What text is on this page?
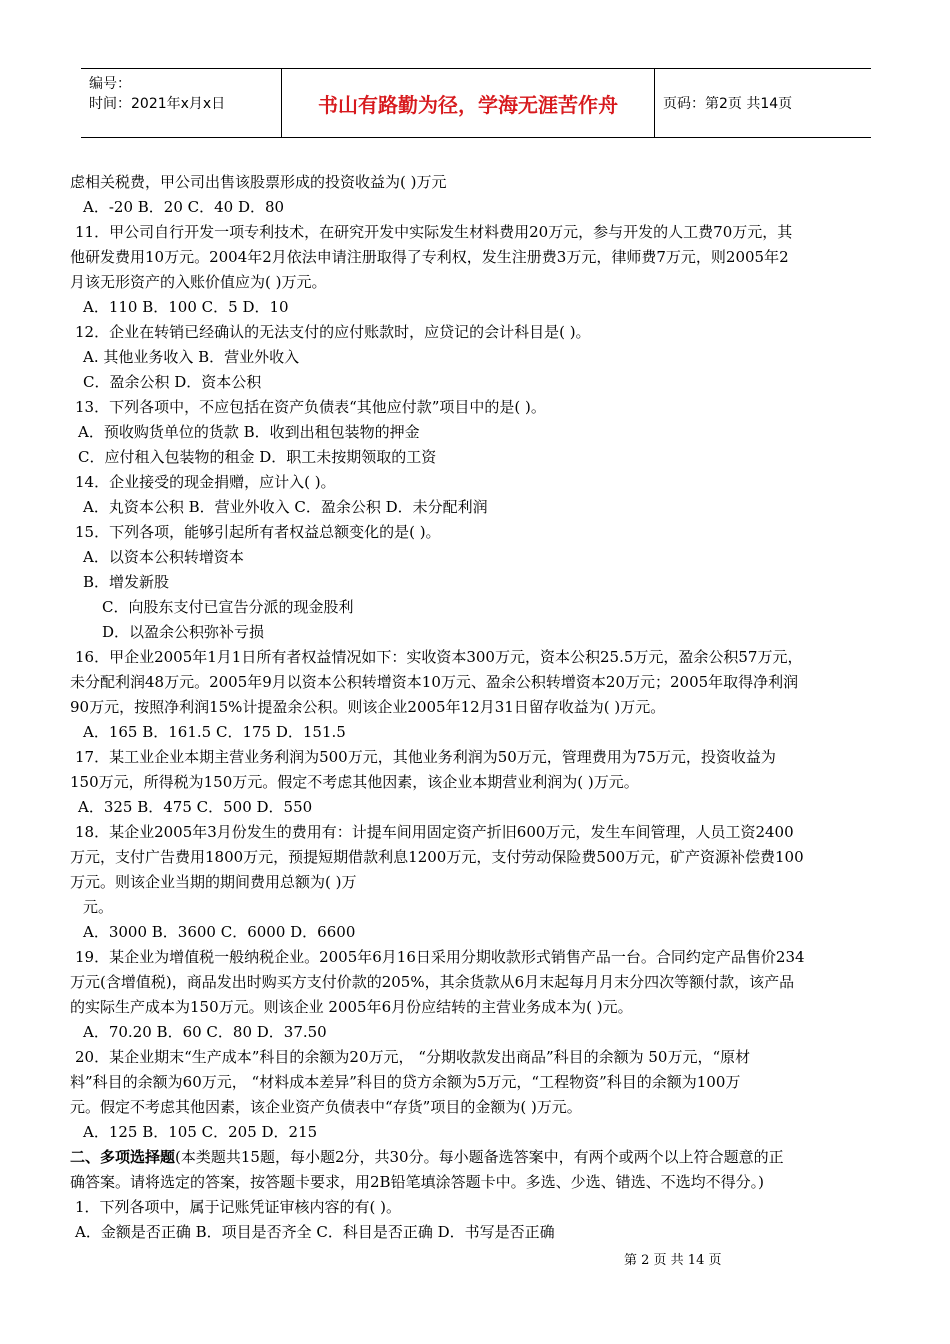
编号：
时间：2021年x月x日	书山有路勤为径，学海无涯苦作舟	页码：第2页 共14页
虑相关税费，甲公司出售该股票形成的投资收益为( )万元
A．-20 B．20 C．40 D．80
11．甲公司自行开发一项专利技术，在研究开发中实际发生材料费用20万元，参与开发的人工费70万元，其
他研发费用10万元。2004年2月依法申请注册取得了专利权，发生注册费3万元，律师费7万元，则2005年2
月该无形资产的入账价值应为( )万元。
A．110 B．100 C．5 D．10
12．企业在转销已经确认的无法支付的应付账款时，应贷记的会计科目是( )。
A. 其他业务收入 B．营业外收入
C．盈余公积 D．资本公积
13．下列各项中，不应包括在资产负债表“其他应付款”项目中的是( )。
A．预收购货单位的货款 B．收到出租包装物的押金
C．应付租入包装物的租金 D．职工未按期领取的工资
14．企业接受的现金捐赠，应计入( )。
A．丸资本公积 B．营业外收入 C．盈余公积 D．未分配利润
15．下列各项，能够引起所有者权益总额变化的是( )。
A．以资本公积转增资本
B．增发新股
C．向股东支付已宣告分派的现金股利
D．以盈余公积弥补亏损
16．甲企业2005年1月1日所有者权益情况如下：实收资本300万元，资本公积25.5万元，盈余公积57万元，
未分配利润48万元。2005年9月以资本公积转增资本10万元、盈余公积转增资本20万元；2005年取得净利润
90万元，按照净利润15%计提盈余公积。则该企业2005年12月31日留存收益为( )万元。
A．165 B．161.5 C．175 D．151.5
17．某工业企业本期主营业务利润为500万元，其他业务利润为50万元，管理费用为75万元，投资收益为
150万元，所得税为150万元。假定不考虑其他因素，该企业本期营业利润为( )万元。
A．325 B．475 C．500 D．550
18．某企业2005年3月份发生的费用有：计提车间用固定资产折旧600万元，发生车间管理，人员工资2400
万元，支付广告费用1800万元，预提短期借款利息1200万元，支付劳动保险费500万元，矿产资源补偿费100
万元。则该企业当期的期间费用总额为( )万
元。
A．3000 B．3600 C．6000 D．6600
19．某企业为增值税一般纳税企业。2005年6月16日采用分期收款形式销售产品一台。合同约定产品售价234
万元(含增值税)，商品发出时购买方支付价款的205%，其余货款从6月末起每月月末分四次等额付款，该产品
的实际生产成本为150万元。则该企业 2005年6月份应结转的主营业务成本为( )元。
A．70.20 B．60 C．80 D．37.50
20．某企业期末“生产成本”科目的余额为20万元， “分期收款发出商品”科目的余额为 50万元，“原材
料”科目的余额为60万元， “材料成本差异”科目的贷方余额为5万元，“工程物资”科目的余额为100万
元。假定不考虑其他因素，该企业资产负债表中“存货”项目的金额为( )万元。
A．125 B．105 C．205 D．215
二、多项选择题(本类题共15题，每小题2分，共30分。每小题备选答案中，有两个或两个以上符合题意的正
确答案。请将选定的答案，按答题卡要求，用2B铅笔填涂答题卡中。多选、少选、错选、不选均不得分。)
1．下列各项中，属于记账凭证审核内容的有( )。
A．金额是否正确 B．项目是否齐全 C．科目是否正确 D．书写是否正确
第 2 页 共 14 页
